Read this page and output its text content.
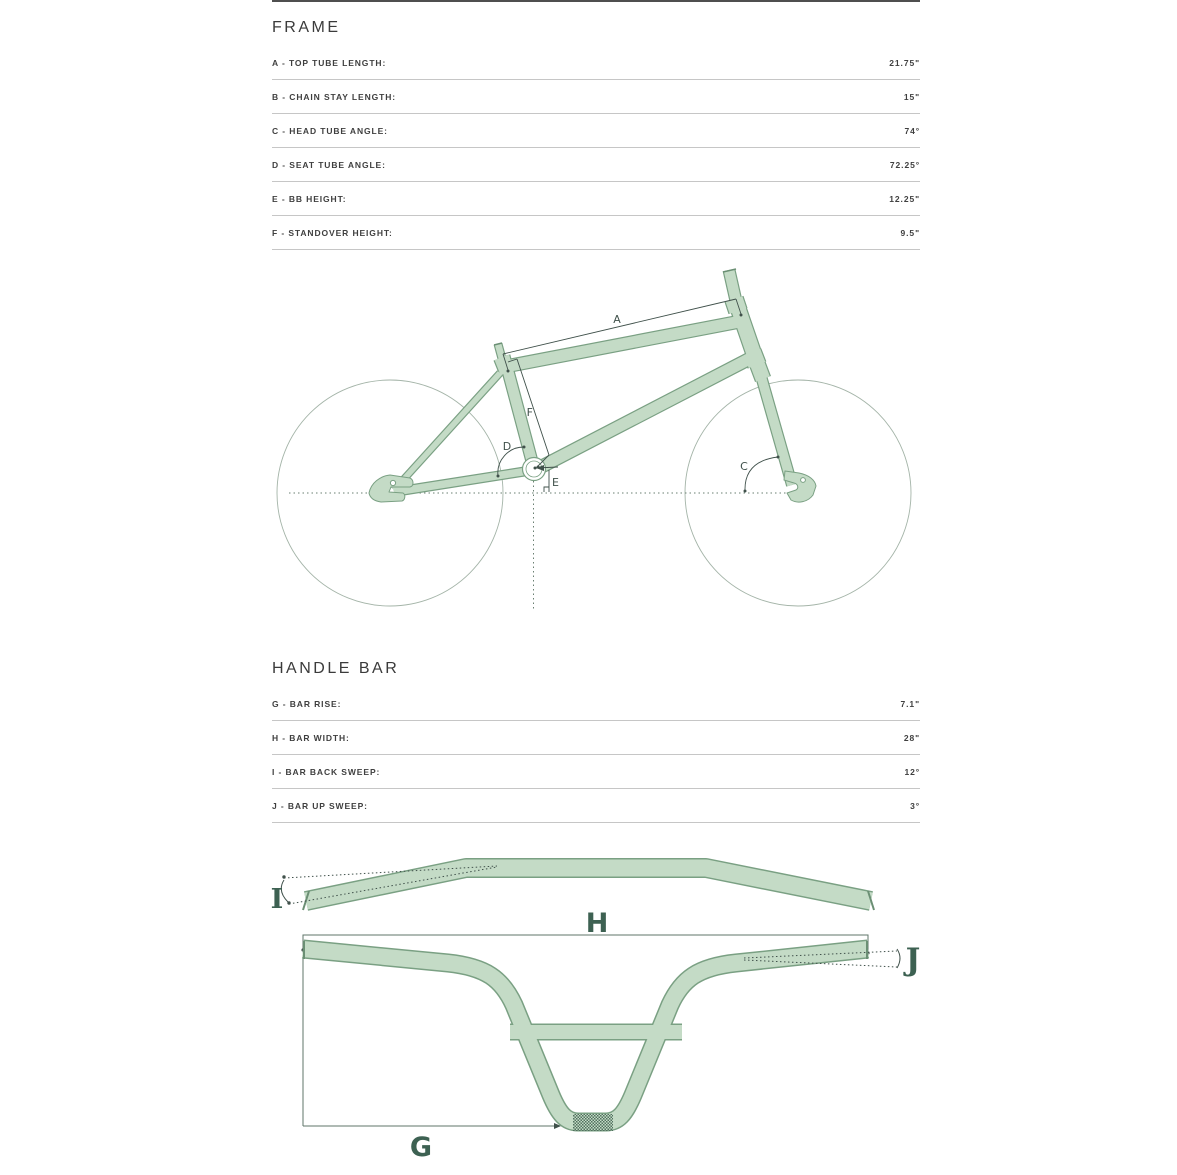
FRAME
A - TOP TUBE LENGTH:	21.75"
B - CHAIN STAY LENGTH:	15"
C - HEAD TUBE ANGLE:	74°
D - SEAT TUBE ANGLE:	72.25°
E - BB HEIGHT:	12.25"
F - STANDOVER HEIGHT:	9.5"
A
F
D
E
C
HANDLE BAR
G - BAR RISE:	7.1"
H - BAR WIDTH:	28"
I - BAR BACK SWEEP:	12°
J - BAR UP SWEEP:	3°
I
H
J
G
